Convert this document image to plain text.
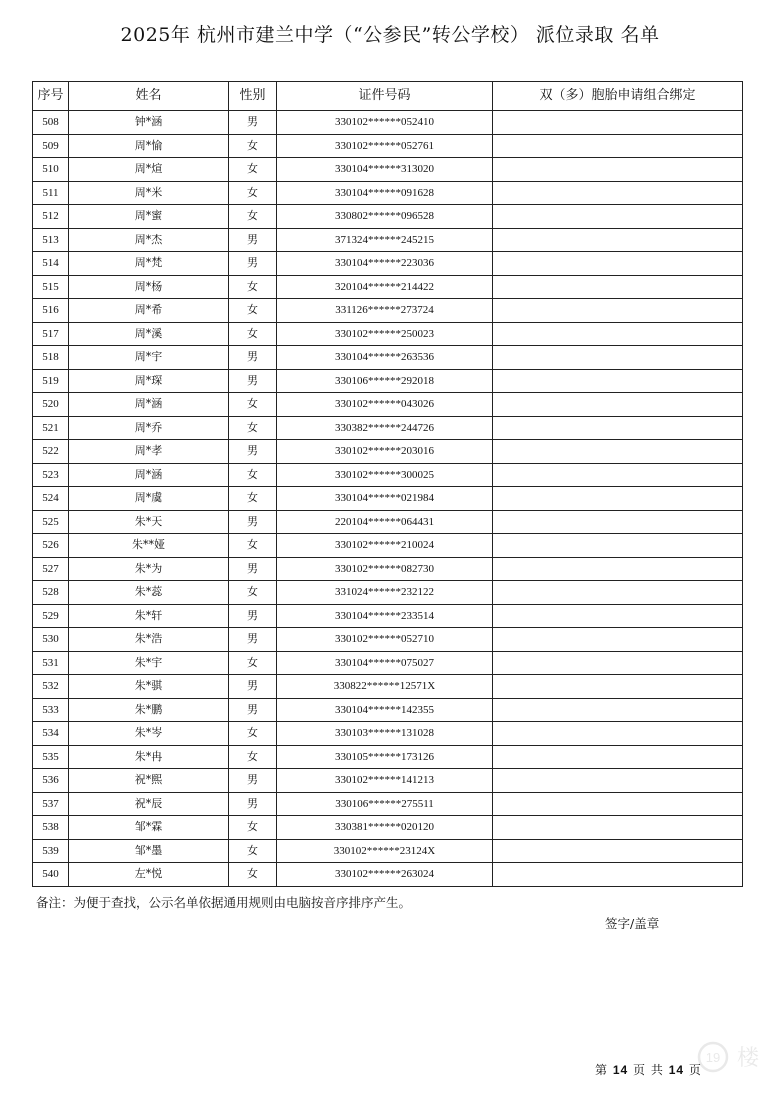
2025年 杭州市建兰中学（“公参民”转公学校） 派位录取 名单
序号	姓名	性别	证件号码	双（多）胞胎申请组合绑定
508	钟*涵	男	330102******052410	
509	周*愉	女	330102******052761	
510	周*煊	女	330104******313020	
511	周*米	女	330104******091628	
512	周*蜜	女	330802******096528	
513	周*杰	男	371324******245215	
514	周*梵	男	330104******223036	
515	周*杨	女	320104******214422	
516	周*希	女	331126******273724	
517	周*溪	女	330102******250023	
518	周*宇	男	330104******263536	
519	周*琛	男	330106******292018	
520	周*涵	女	330102******043026	
521	周*乔	女	330382******244726	
522	周*孝	男	330102******203016	
523	周*涵	女	330102******300025	
524	周*虞	女	330104******021984	
525	朱*天	男	220104******064431	
526	朱**娅	女	330102******210024	
527	朱*为	男	330102******082730	
528	朱*蕊	女	331024******232122	
529	朱*轩	男	330104******233514	
530	朱*浩	男	330102******052710	
531	朱*宇	女	330104******075027	
532	朱*骐	男	330822******12571X	
533	朱*鹏	男	330104******142355	
534	朱*岑	女	330103******131028	
535	朱*冉	女	330105******173126	
536	祝*熙	男	330102******141213	
537	祝*辰	男	330106******275511	
538	邹*霖	女	330381******020120	
539	邹*墨	女	330102******23124X	
540	左*悦	女	330102******263024	
备注：为便于查找，公示名单依据通用规则由电脑按音序排序产生。
签字/盖章
第 14 页 共 14 页
19 楼
